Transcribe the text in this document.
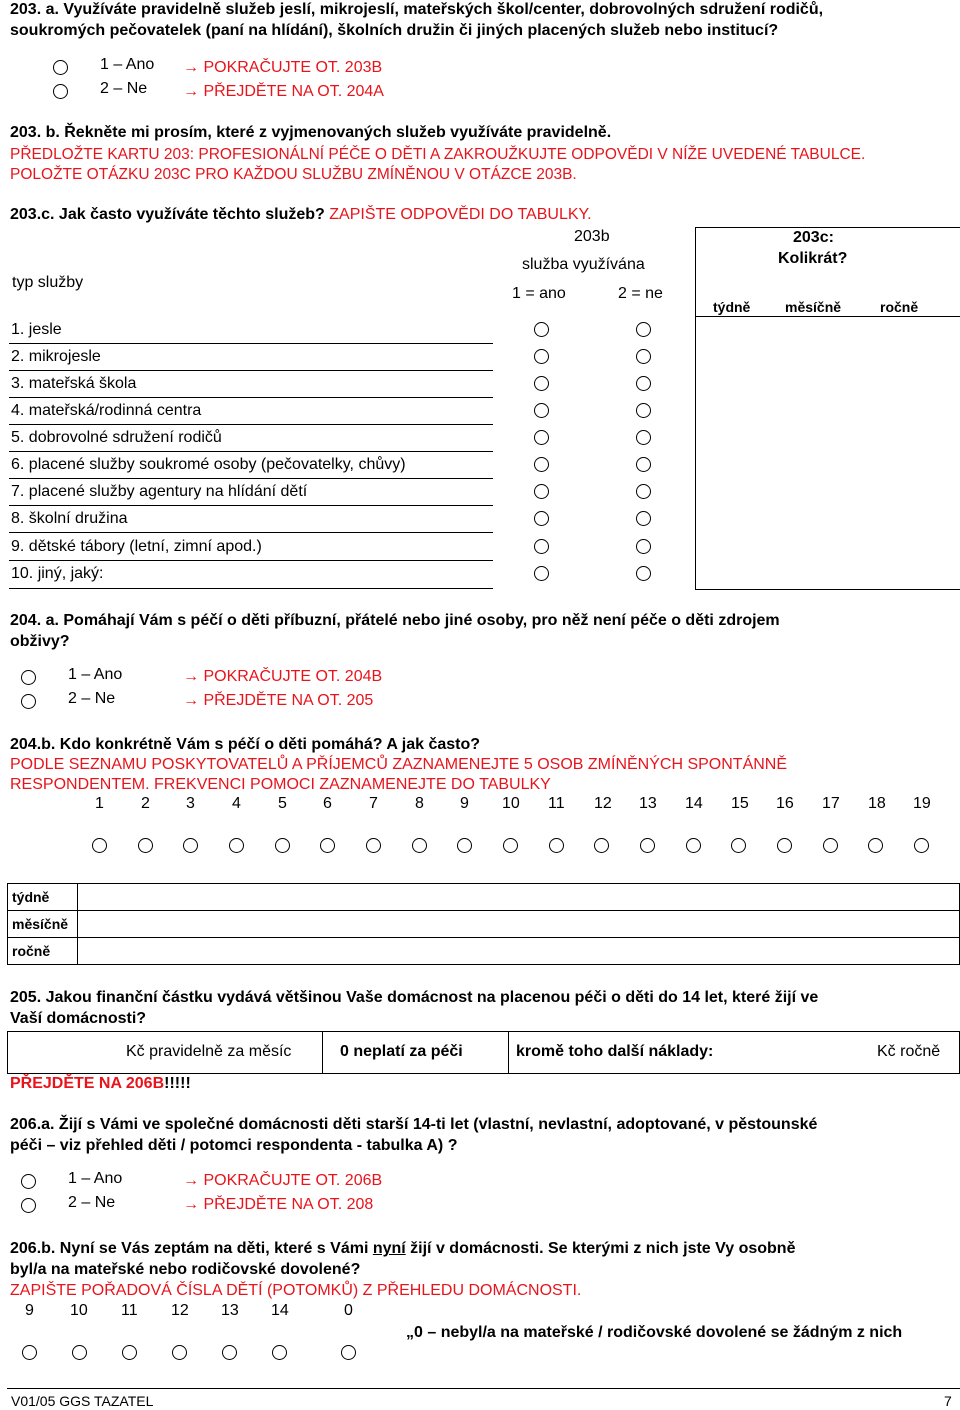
203. a. Využíváte pravidelně služeb jeslí, mikrojeslí, mateřských škol/center, dobrovolných sdružení rodičů,
soukromých pečovatelek (paní na hlídání), školních družin či jiných placených služeb nebo institucí?
1 – Ano → POKRAČUJTE OT. 203B
2 – Ne → PŘEJDĚTE NA OT. 204A
203. b. Řekněte mi prosím, které z vyjmenovaných služeb využíváte pravidelně.
PŘEDLOŽTE KARTU 203: PROFESIONÁLNÍ PÉČE O DĚTI A ZAKROUŽKUJTE ODPOVĚDI V NÍŽE UVEDENÉ TABULCE.
POLOŽTE OTÁZKU 203C PRO KAŽDOU SLUŽBU ZMÍNĚNOU V OTÁZCE 203B.
203.c. Jak často využíváte těchto služeb? ZAPIŠTE ODPOVĚDI DO TABULKY.
203b
služba využívána
typ služby
1 = ano	2 = ne
203c:
Kolikrát?
týdně měsíčně	ročně
1. jesle
2. mikrojesle
3. mateřská škola
4. mateřská/rodinná centra
5. dobrovolné sdružení rodičů
6. placené služby soukromé osoby (pečovatelky, chůvy)
7. placené služby agentury na hlídání dětí
8. školní družina
9. dětské tábory (letní, zimní apod.)
10. jiný, jaký:
204. a. Pomáhají Vám s péčí o děti příbuzní, přátelé nebo jiné osoby, pro něž není péče o děti zdrojem
obživy?
1 – Ano	→ POKRAČUJTE OT. 204B
2 – Ne	→ PŘEJDĚTE NA OT. 205
204.b. Kdo konkrétně Vám s péčí o děti pomáhá? A jak často?
PODLE SEZNAMU POSKYTOVATELŮ A PŘÍJEMCŮ ZAZNAMENEJTE 5 OSOB ZMÍNĚNÝCH SPONTÁNNĚ
RESPONDENTEM. FREKVENCI POMOCI ZAZNAMENEJTE DO TABULKY
1 2 3 4 5 6 7 8 9 10 11 12 13 14 15 16 17 18 19
týdně
měsíčně
ročně
205. Jakou finanční částku vydává většinou Vaše domácnost na placenou péči o děti do 14 let, které žijí ve
Vaší domácnosti?
Kč pravidelně za měsíc	0 neplatí za péči	kromě toho další náklady:	Kč ročně
PŘEJDĚTE NA 206B!!!!!
206.a. Žijí s Vámi ve společné domácnosti děti starší 14-ti let (vlastní, nevlastní, adoptované, v pěstounské
péči – viz přehled děti / potomci respondenta - tabulka A) ?
1 – Ano	→ POKRAČUJTE OT. 206B
2 – Ne	→ PŘEJDĚTE NA OT. 208
206.b. Nyní se Vás zeptám na děti, které s Vámi nyní žijí v domácnosti. Se kterými z nich jste Vy osobně
byl/a na mateřské nebo rodičovské dovolené?
ZAPIŠTE POŘADOVÁ ČÍSLA DĚTÍ (POTOMKŮ) Z PŘEHLEDU DOMÁCNOSTI.
9 10 11 12 13 14	0
„0 – nebyl/a na mateřské / rodičovské dovolené se žádným z nich
V01/05 GGS TAZATEL	7
